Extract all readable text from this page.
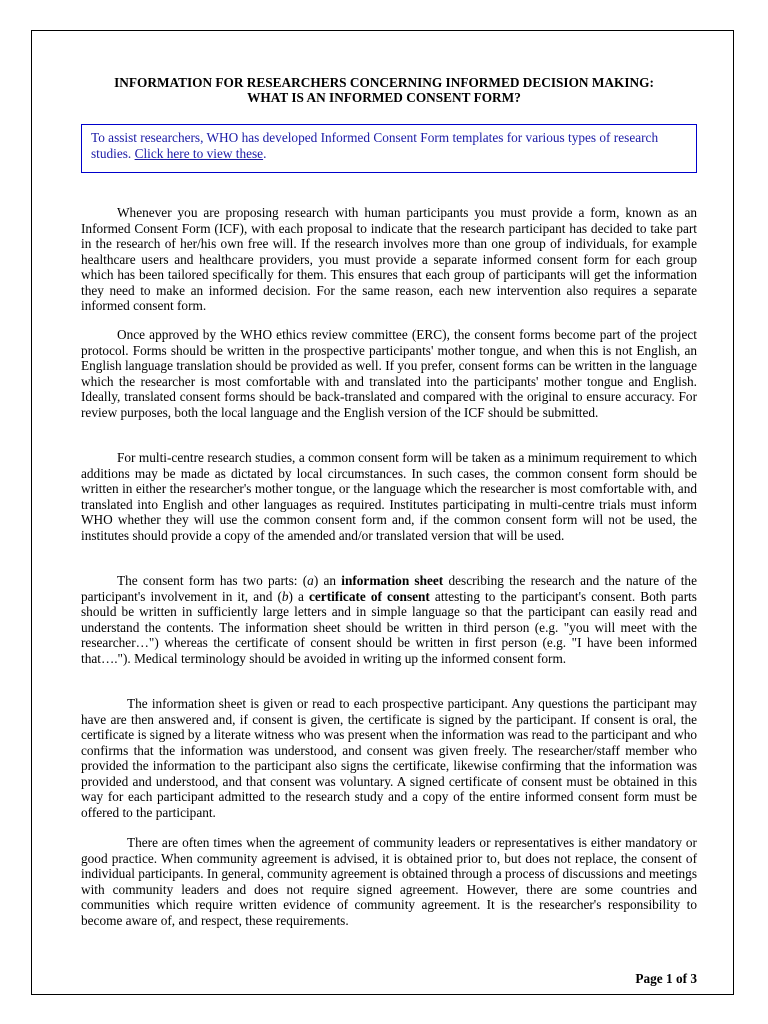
INFORMATION FOR RESEARCHERS CONCERNING INFORMED DECISION MAKING:
WHAT IS AN INFORMED CONSENT FORM?
To assist researchers, WHO has developed Informed Consent Form templates for various types of research studies. Click here to view these.

Whenever you are proposing research with human participants you must provide a form, known as an Informed Consent Form (ICF), with each proposal to indicate that the research participant has decided to take part in the research of her/his own free will. If the research involves more than one group of individuals, for example healthcare users and healthcare providers, you must provide a separate informed consent form for each group which has been tailored specifically for them. This ensures that each group of participants will get the information they need to make an informed decision. For the same reason, each new intervention also requires a separate informed consent form.

Once approved by the WHO ethics review committee (ERC), the consent forms become part of the project protocol. Forms should be written in the prospective participants' mother tongue, and when this is not English, an English language translation should be provided as well. If you prefer, consent forms can be written in the language which the researcher is most comfortable with and translated into the participants' mother tongue and English. Ideally, translated consent forms should be back-translated and compared with the original to ensure accuracy. For review purposes, both the local language and the English version of the ICF should be submitted.

For multi-centre research studies, a common consent form will be taken as a minimum requirement to which additions may be made as dictated by local circumstances. In such cases, the common consent form should be written in either the researcher's mother tongue, or the language which the researcher is most comfortable with, and translated into English and other languages as required. Institutes participating in multi-centre trials must inform WHO whether they will use the common consent form and, if the common consent form will not be used, the institutes should provide a copy of the amended and/or translated version that will be used.

The consent form has two parts: (a) an information sheet describing the research and the nature of the participant's involvement in it, and (b) a certificate of consent attesting to the participant's consent. Both parts should be written in sufficiently large letters and in simple language so that the participant can easily read and understand the contents. The information sheet should be written in third person (e.g. "you will meet with the researcher…") whereas the certificate of consent should be written in first person (e.g. "I have been informed that…."). Medical terminology should be avoided in writing up the informed consent form.

The information sheet is given or read to each prospective participant. Any questions the participant may have are then answered and, if consent is given, the certificate is signed by the participant. If consent is oral, the certificate is signed by a literate witness who was present when the information was read to the participant and who confirms that the information was understood, and consent was given freely. The researcher/staff member who provided the information to the participant also signs the certificate, likewise confirming that the information was provided and understood, and that consent was voluntary. A signed certificate of consent must be obtained in this way for each participant admitted to the research study and a copy of the entire informed consent form must be offered to the participant.

There are often times when the agreement of community leaders or representatives is either mandatory or good practice. When community agreement is advised, it is obtained prior to, but does not replace, the consent of individual participants. In general, community agreement is obtained through a process of discussions and meetings with community leaders and does not require signed agreement. However, there are some countries and communities which require written evidence of community agreement. It is the researcher's responsibility to become aware of, and respect, these requirements.

Page 1 of 3
